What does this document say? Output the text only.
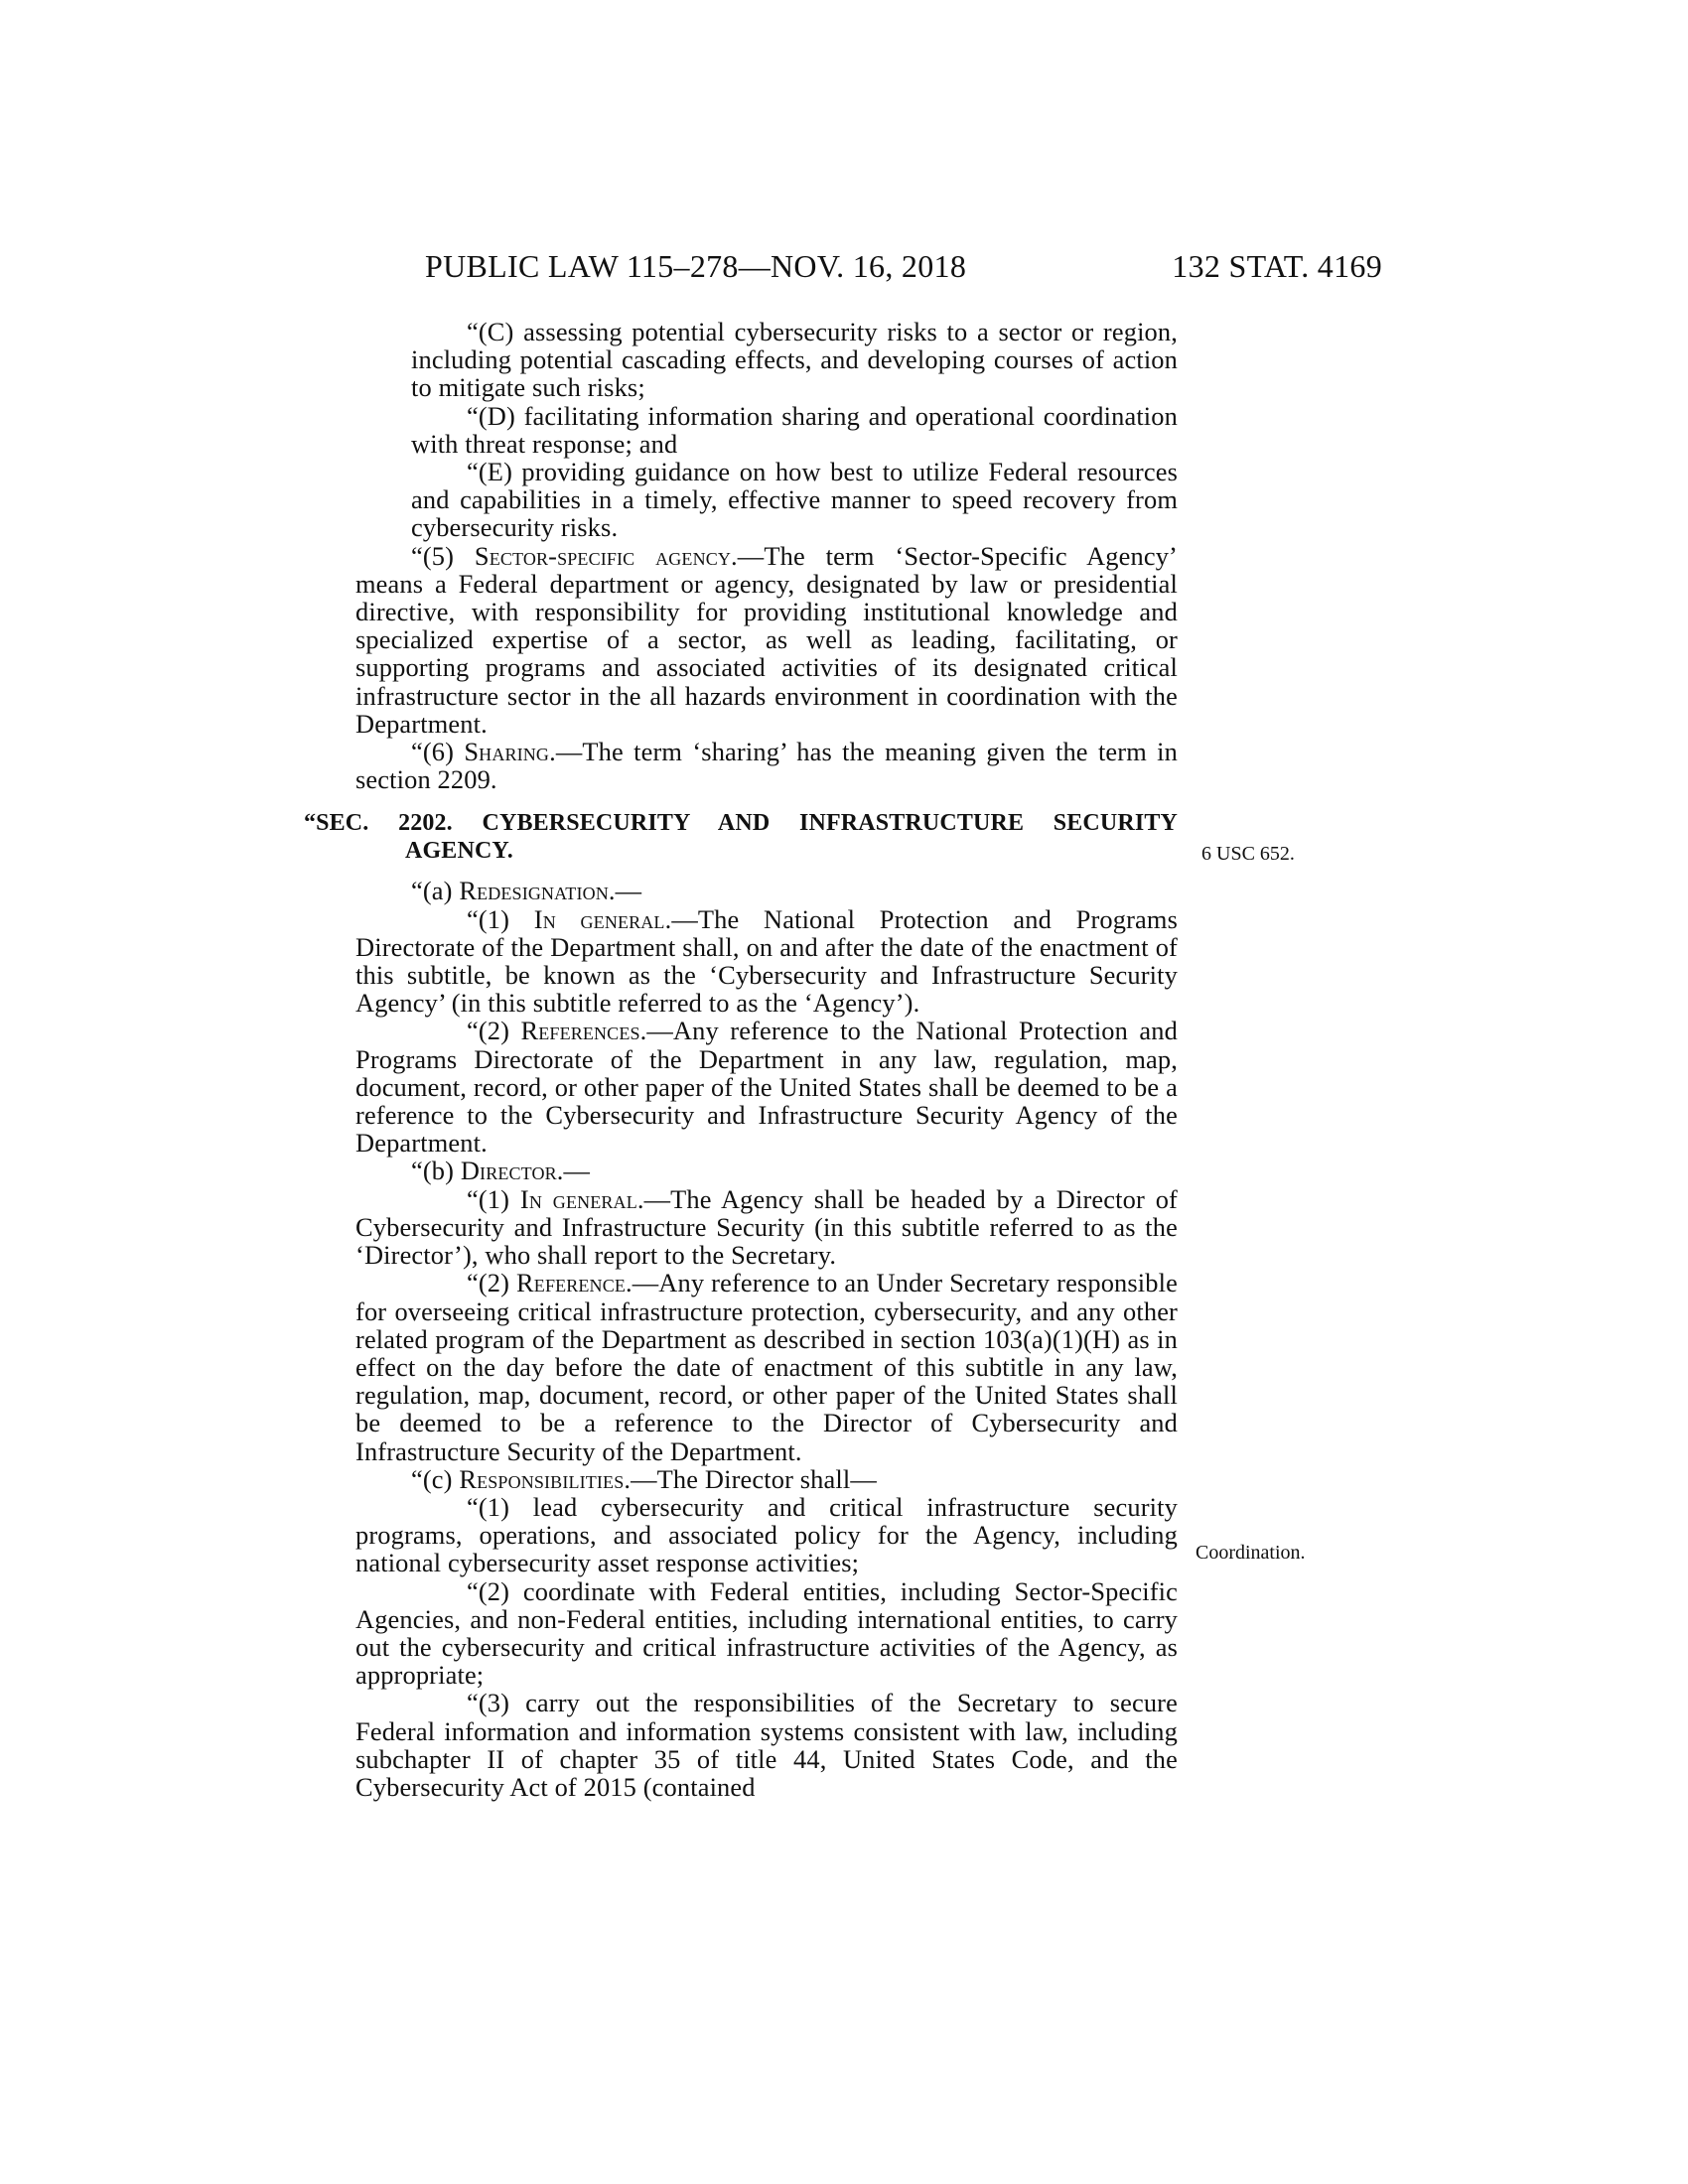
PUBLIC LAW 115–278—NOV. 16, 2018	132 STAT. 4169

“(C) assessing potential cybersecurity risks to a sector or region, including potential cascading effects, and developing courses of action to mitigate such risks;

“(D) facilitating information sharing and operational coordination with threat response; and

“(E) providing guidance on how best to utilize Federal resources and capabilities in a timely, effective manner to speed recovery from cybersecurity risks.

“(5) Sector-specific agency.—The term ‘Sector-Specific Agency’ means a Federal department or agency, designated by law or presidential directive, with responsibility for providing institutional knowledge and specialized expertise of a sector, as well as leading, facilitating, or supporting programs and associated activities of its designated critical infrastructure sector in the all hazards environment in coordination with the Department.

“(6) Sharing.—The term ‘sharing’ has the meaning given the term in section 2209.

“SEC. 2202. CYBERSECURITY AND INFRASTRUCTURE SECURITY
AGENCY.

“(a) Redesignation.—

“(1) In general.—The National Protection and Programs Directorate of the Department shall, on and after the date of the enactment of this subtitle, be known as the ‘Cybersecurity and Infrastructure Security Agency’ (in this subtitle referred to as the ‘Agency’).

“(2) References.—Any reference to the National Protection and Programs Directorate of the Department in any law, regulation, map, document, record, or other paper of the United States shall be deemed to be a reference to the Cybersecurity and Infrastructure Security Agency of the Department.

“(b) Director.—

“(1) In general.—The Agency shall be headed by a Director of Cybersecurity and Infrastructure Security (in this subtitle referred to as the ‘Director’), who shall report to the Secretary.

“(2) Reference.—Any reference to an Under Secretary responsible for overseeing critical infrastructure protection, cybersecurity, and any other related program of the Department as described in section 103(a)(1)(H) as in effect on the day before the date of enactment of this subtitle in any law, regulation, map, document, record, or other paper of the United States shall be deemed to be a reference to the Director of Cybersecurity and Infrastructure Security of the Department.

“(c) Responsibilities.—The Director shall—

“(1) lead cybersecurity and critical infrastructure security programs, operations, and associated policy for the Agency, including national cybersecurity asset response activities;

“(2) coordinate with Federal entities, including Sector-Specific Agencies, and non-Federal entities, including international entities, to carry out the cybersecurity and critical infrastructure activities of the Agency, as appropriate;

“(3) carry out the responsibilities of the Secretary to secure Federal information and information systems consistent with law, including subchapter II of chapter 35 of title 44, United States Code, and the Cybersecurity Act of 2015 (contained

6 USC 652.
Coordination.
